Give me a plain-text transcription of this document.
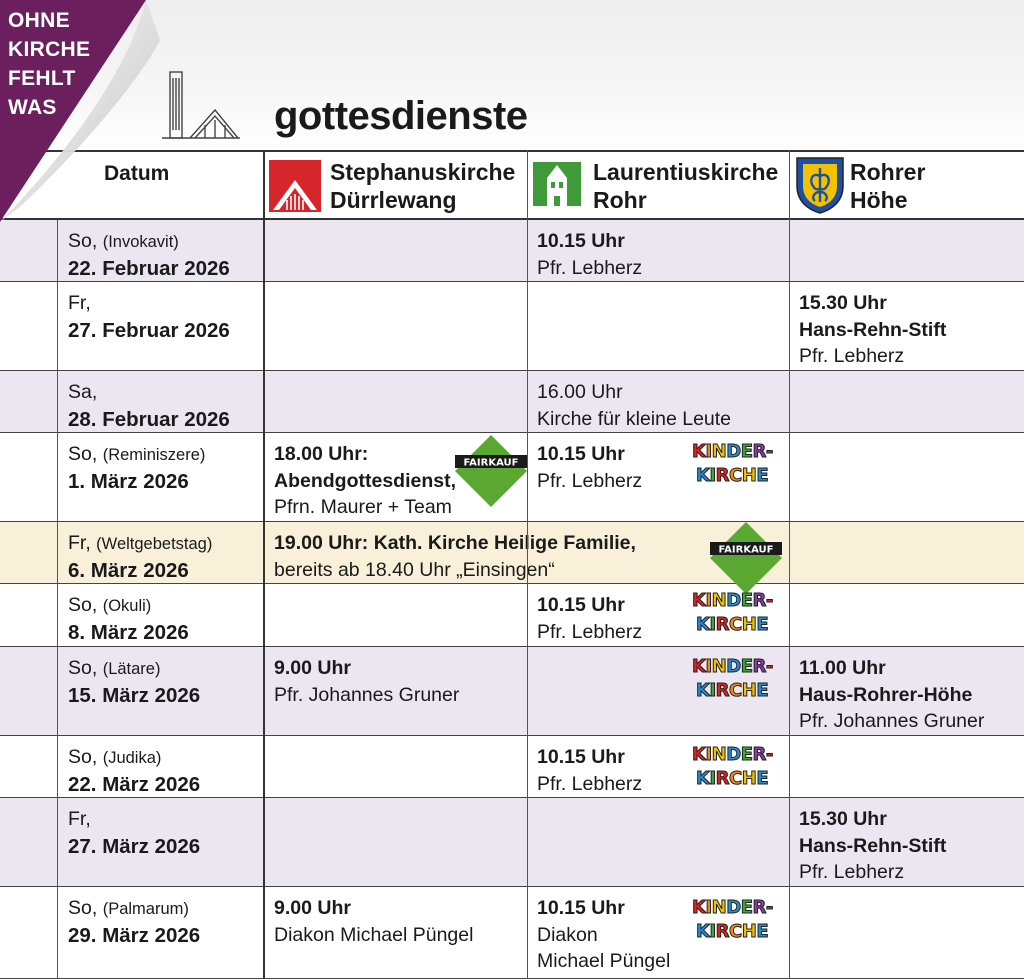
OHNE
KIRCHE
FEHLT
WAS	gottesdienste
Datum	Stephanuskirche
Dürrlewang
Laurentiuskirche
Rohr
Rohrer
Höhe
So, (Invokavit)
22. Februar 2026
10.15 Uhr
Pfr. Lebherz
Fr,
27. Februar 2026
15.30 Uhr
Hans-Rehn-Stift
Pfr. Lebherz
Sa,
28. Februar 2026
16.00 Uhr
Kirche für kleine Leute
So, (Reminiszere)
1. März 2026
18.00 Uhr:
Abendgottesdienst,
Pfrn. Maurer + Team
10.15 Uhr
Pfr. Lebherz
Fr, (Weltgebetstag)
6. März 2026
19.00 Uhr: Kath. Kirche Heilige Familie,
bereits ab 18.40 Uhr „Einsingen“
So, (Okuli)
8. März 2026
10.15 Uhr
Pfr. Lebherz
So, (Lätare)
15. März 2026
9.00 Uhr
Pfr. Johannes Gruner
11.00 Uhr
Haus-Rohrer-Höhe
Pfr. Johannes Gruner
So, (Judika)
22. März 2026
10.15 Uhr
Pfr. Lebherz
Fr,
27. März 2026
15.30 Uhr
Hans-Rehn-Stift
Pfr. Lebherz
So, (Palmarum)
29. März 2026
9.00 Uhr
Diakon Michael Püngel
10.15 Uhr
Diakon
Michael Püngel
FAIRKAUF
FAIRKAUF
KINDER-
KIRCHE
KINDER-
KIRCHE
KINDER-
KIRCHE
KINDER-
KIRCHE
KINDER-
KIRCHE
